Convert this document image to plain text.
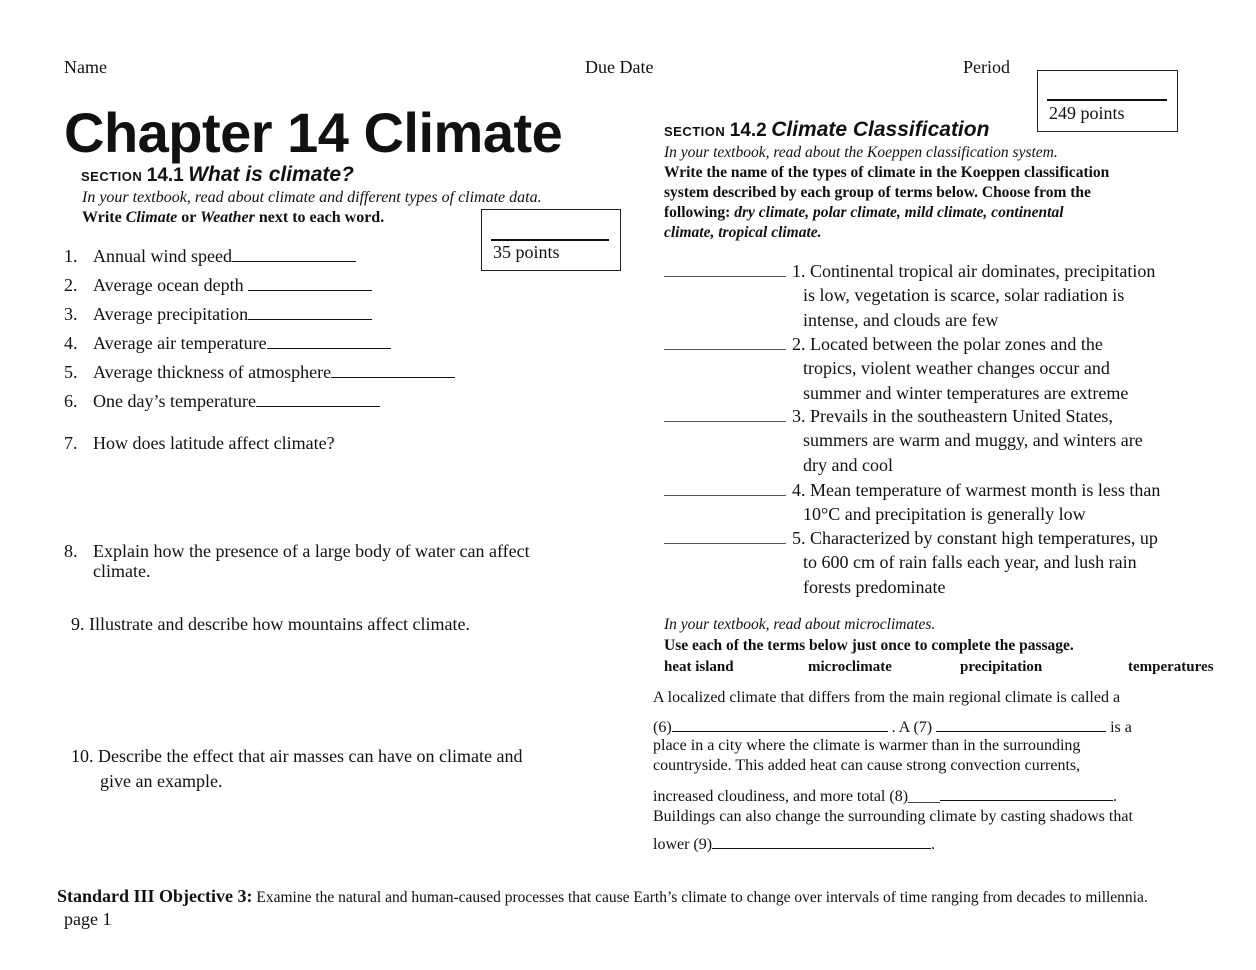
Name	Due Date	Period
249 points
Chapter 14 Climate
SECTION 14.1 What is climate?
In your textbook, read about climate and different types of climate data.
Write Climate or Weather next to each word.
35 points
1. Annual wind speed
2. Average ocean depth
3. Average precipitation
4. Average air temperature
5. Average thickness of atmosphere
6. One day’s temperature
7. How does latitude affect climate?
8. Explain how the presence of a large body of water can affect
climate.
9. Illustrate and describe how mountains affect climate.
10. Describe the effect that air masses can have on climate and
give an example.
SECTION 14.2 Climate Classification
In your textbook, read about the Koeppen classification system.
Write the name of the types of climate in the Koeppen classification
system described by each group of terms below. Choose from the
following: dry climate, polar climate, mild climate, continental
climate, tropical climate.
1. Continental tropical air dominates, precipitation
is low, vegetation is scarce, solar radiation is
intense, and clouds are few
2. Located between the polar zones and the
tropics, violent weather changes occur and
summer and winter temperatures are extreme
3. Prevails in the southeastern United States,
summers are warm and muggy, and winters are
dry and cool
4. Mean temperature of warmest month is less than
10°C and precipitation is generally low
5. Characterized by constant high temperatures, up
to 600 cm of rain falls each year, and lush rain
forests predominate
In your textbook, read about microclimates.
Use each of the terms below just once to complete the passage.
heat island	microclimate	precipitation	temperatures
A localized climate that differs from the main regional climate is called a
(6)	. A (7)	is a
place in a city where the climate is warmer than in the surrounding
countryside. This added heat can cause strong convection currents,
increased cloudiness, and more total (8)____	.
Buildings can also change the surrounding climate by casting shadows that
lower (9)	.
Standard III Objective 3: Examine the natural and human-caused processes that cause Earth’s climate to change over intervals of time ranging from decades to millennia.
page 1
